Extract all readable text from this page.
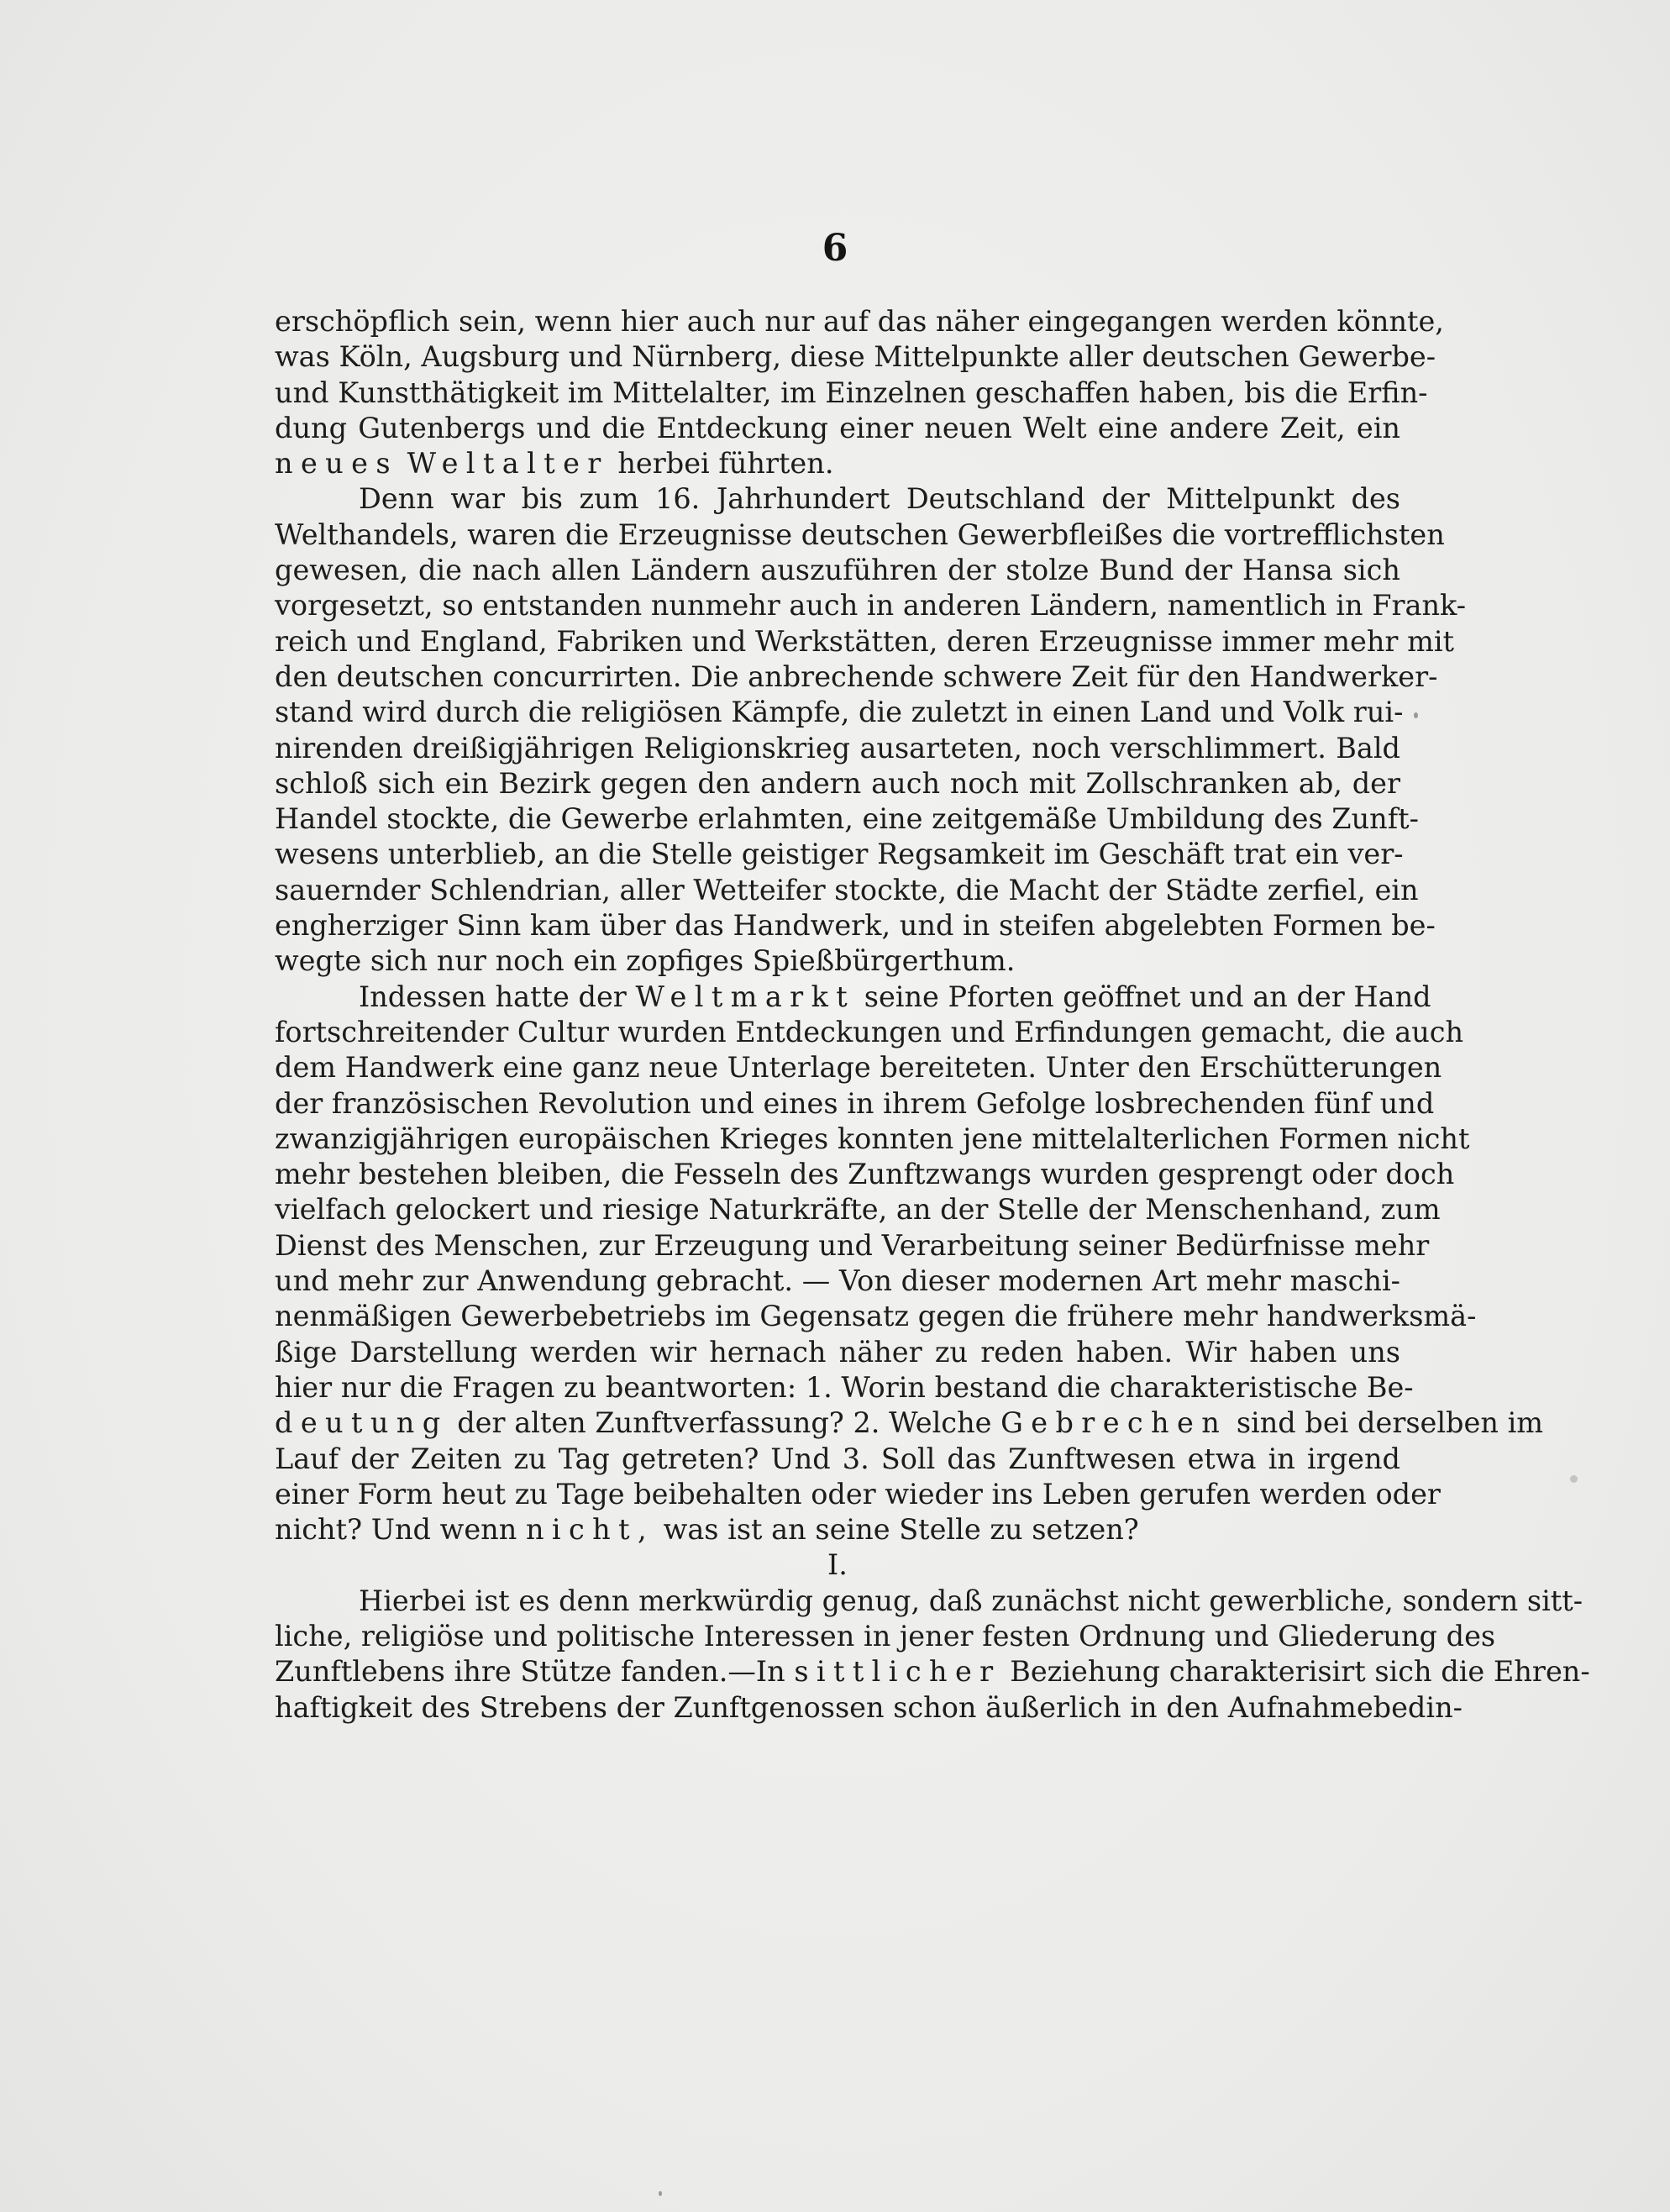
6
erschöpflich sein, wenn hier auch nur auf das näher eingegangen werden könnte,
was Köln, Augsburg und Nürnberg, diese Mittelpunkte aller deutschen Gewerbe-
und Kunstthätigkeit im Mittelalter, im Einzelnen geschaffen haben, bis die Erfin-
dung Gutenbergs und die Entdeckung einer neuen Welt eine andere Zeit, ein
neues Weltalter herbei führten.
Denn war bis zum 16. Jahrhundert Deutschland der Mittelpunkt des
Welthandels, waren die Erzeugnisse deutschen Gewerbfleißes die vortrefflichsten
gewesen, die nach allen Ländern auszuführen der stolze Bund der Hansa sich
vorgesetzt, so entstanden nunmehr auch in anderen Ländern, namentlich in Frank-
reich und England, Fabriken und Werkstätten, deren Erzeugnisse immer mehr mit
den deutschen concurrirten. Die anbrechende schwere Zeit für den Handwerker-
stand wird durch die religiösen Kämpfe, die zuletzt in einen Land und Volk rui-
nirenden dreißigjährigen Religionskrieg ausarteten, noch verschlimmert. Bald
schloß sich ein Bezirk gegen den andern auch noch mit Zollschranken ab, der
Handel stockte, die Gewerbe erlahmten, eine zeitgemäße Umbildung des Zunft-
wesens unterblieb, an die Stelle geistiger Regsamkeit im Geschäft trat ein ver-
sauernder Schlendrian, aller Wetteifer stockte, die Macht der Städte zerfiel, ein
engherziger Sinn kam über das Handwerk, und in steifen abgelebten Formen be-
wegte sich nur noch ein zopfiges Spießbürgerthum.
Indessen hatte der Weltmarkt seine Pforten geöffnet und an der Hand
fortschreitender Cultur wurden Entdeckungen und Erfindungen gemacht, die auch
dem Handwerk eine ganz neue Unterlage bereiteten. Unter den Erschütterungen
der französischen Revolution und eines in ihrem Gefolge losbrechenden fünf und
zwanzigjährigen europäischen Krieges konnten jene mittelalterlichen Formen nicht
mehr bestehen bleiben, die Fesseln des Zunftzwangs wurden gesprengt oder doch
vielfach gelockert und riesige Naturkräfte, an der Stelle der Menschenhand, zum
Dienst des Menschen, zur Erzeugung und Verarbeitung seiner Bedürfnisse mehr
und mehr zur Anwendung gebracht. — Von dieser modernen Art mehr maschi-
nenmäßigen Gewerbebetriebs im Gegensatz gegen die frühere mehr handwerksmä-
ßige Darstellung werden wir hernach näher zu reden haben. Wir haben uns
hier nur die Fragen zu beantworten: 1. Worin bestand die charakteristische Be-
deutung der alten Zunftverfassung? 2. Welche Gebrechen sind bei derselben im
Lauf der Zeiten zu Tag getreten? Und 3. Soll das Zunftwesen etwa in irgend
einer Form heut zu Tage beibehalten oder wieder ins Leben gerufen werden oder
nicht? Und wenn nicht, was ist an seine Stelle zu setzen?
I.
Hierbei ist es denn merkwürdig genug, daß zunächst nicht gewerbliche, sondern sitt-
liche, religiöse und politische Interessen in jener festen Ordnung und Gliederung des
Zunftlebens ihre Stütze fanden.—In sittlicher Beziehung charakterisirt sich die Ehren-
haftigkeit des Strebens der Zunftgenossen schon äußerlich in den Aufnahmebedin-
